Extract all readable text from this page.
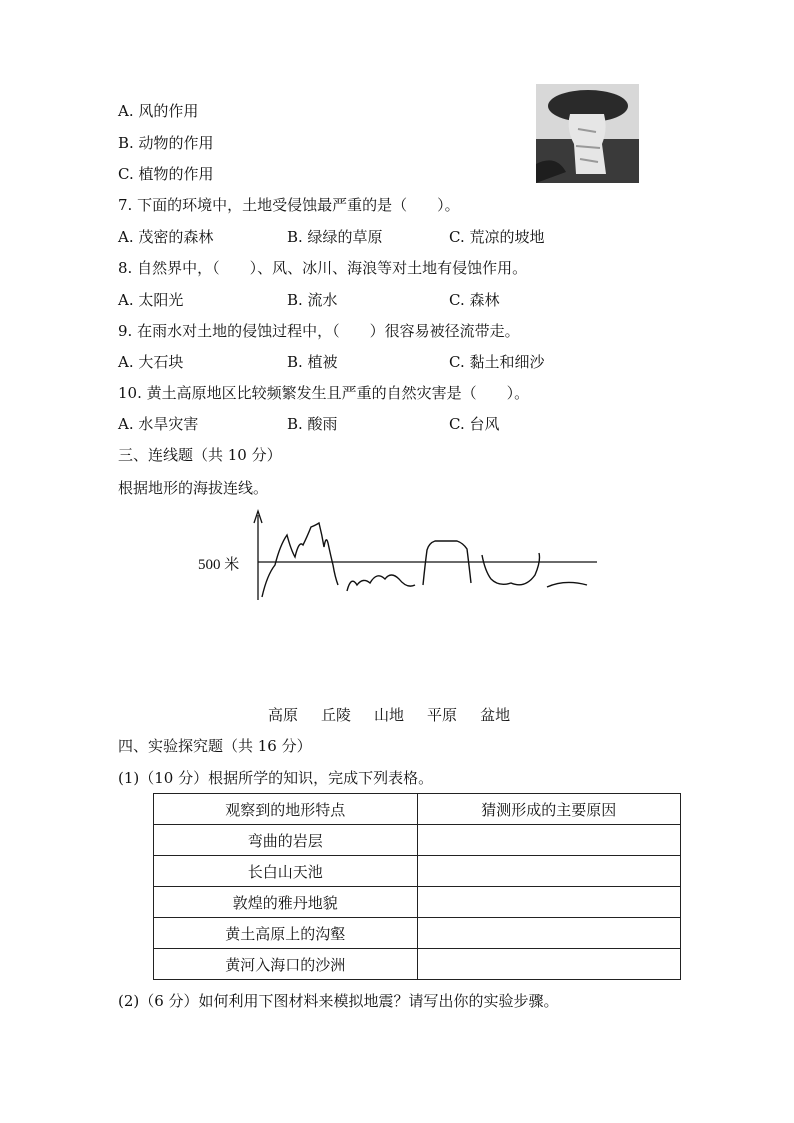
A. 风的作用
B. 动物的作用
C. 植物的作用
7. 下面的环境中，土地受侵蚀最严重的是（　　）。
A. 茂密的森林	B. 绿绿的草原	C. 荒凉的坡地
8. 自然界中，（　　）、风、冰川、海浪等对土地有侵蚀作用。
A. 太阳光	B. 流水	C. 森林
9. 在雨水对土地的侵蚀过程中，（　　）很容易被径流带走。
A. 大石块	B. 植被	C. 黏土和细沙
10. 黄土高原地区比较频繁发生且严重的自然灾害是（　　）。
A. 水旱灾害	B. 酸雨	C. 台风
三、连线题（共 10 分）
根据地形的海拔连线。
500 米
高原 丘陵 山地 平原 盆地
四、实验探究题（共 16 分）
(1)（10 分）根据所学的知识，完成下列表格。
观察到的地形特点	猜测形成的主要原因
弯曲的岩层	
长白山天池	
敦煌的雅丹地貌	
黄土高原上的沟壑	
黄河入海口的沙洲	
(2)（6 分）如何利用下图材料来模拟地震？请写出你的实验步骤。
